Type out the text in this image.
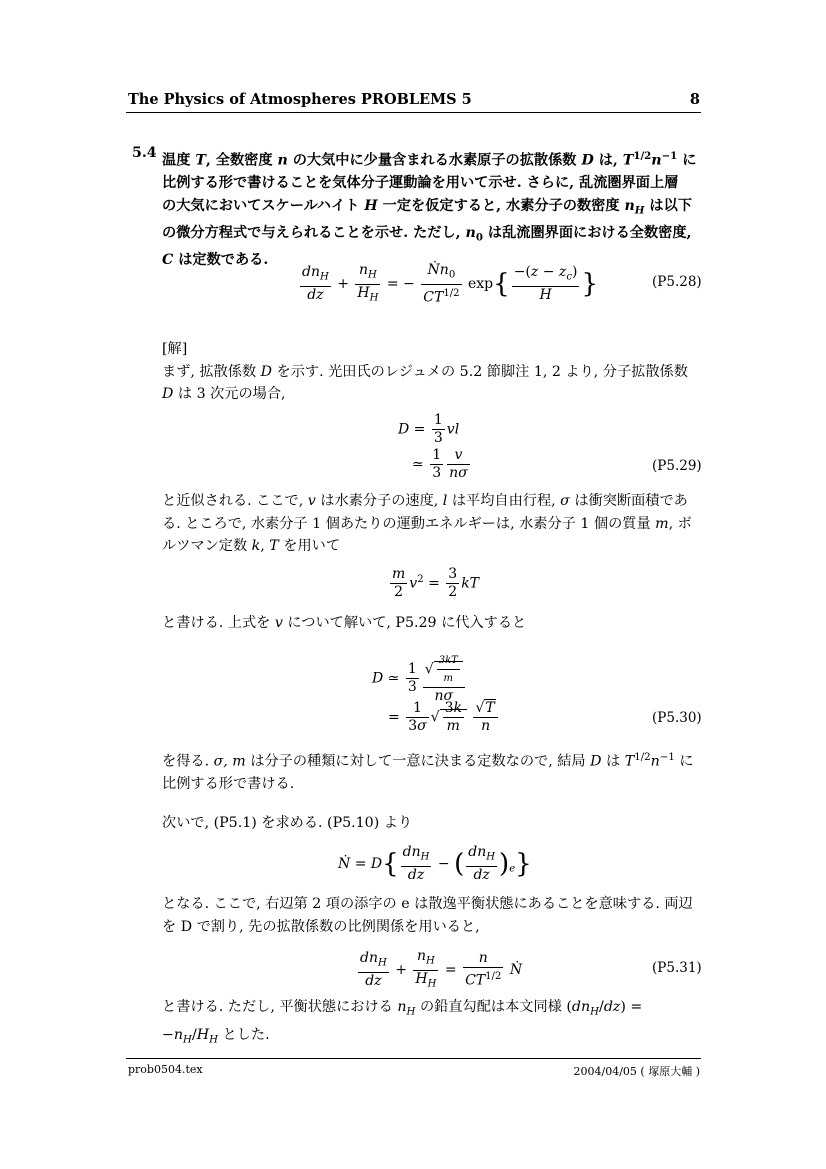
The Physics of Atmospheres PROBLEMS 5	8
5.4 温度 T, 全数密度 n の大気中に少量含まれる水素原子の拡散係数 D は, $T^{1/2}n^{-1}$ に
比例する形で書けることを気体分子運動論を用いて示せ. さらに, 乱流圏界面上層
の大気においてスケールハイト H 一定を仮定すると, 水素分子の数密度 $n_H$ は以下
の微分方程式で与えられることを示せ. ただし, $n_0$ は乱流圏界面における全数密度,
C は定数である.
$\frac{dn_H}{dz} + \frac{n_H}{H_H}$ = − $\frac{Ṅn_0}{CT^{1/2}} \exp\{ \frac{-(z - z_c)}{H}$ }	(P5.28)
[解]
まず, 拡散係数 D を示す. 光田氏のレジュメの 5.2 節脚注 1, 2 より, 分子拡散係数
D は 3 次元の場合,
$D = \frac{1}{3}$ vl
≃ $\frac{1}{3} \frac{v}{n\sigma}$	(P5.29)
と近似される. ここで, v は水素分子の速度, l は平均自由行程, σ は衝突断面積であ
る. ところで, 水素分子 1 個あたりの運動エネルギーは, 水素分子 1 個の質量 m, ボ
ルツマン定数 k, T を用いて
$\frac{m}{2} v^2 = \frac{3}{2}$ kT
と書ける. 上式を v について解いて, P5.29 に代入すると
D ≃ $\frac{1}{3} \frac{√ \frac{3kT}{m}}{n\sigma}$
= $\frac{1}{3\sigma}$ √ $\frac{3k}{m}$
$\frac{√T}{n}$	(P5.30)
を得る. σ, m は分子の種類に対して一意に決まる定数なので, 結局 D は $T^{1/2}n^{-1}$ に
比例する形で書ける.
次いで, (P5.1) を求める. (P5.10) より
Ṅ = $D\{ \frac{dn_H}{dz}$ − ( $\frac{dn_H}{dz} )_e$}
となる. ここで, 右辺第 2 項の添字の e は散逸平衡状態にあることを意味する. 両辺
を D で割り, 先の拡散係数の比例関係を用いると,
$\frac{dn_H}{dz} + \frac{n_H}{H_H} = \frac{n}{CT^{1/2}}$ Ṅ	(P5.31)
と書ける. ただし, 平衡状態における $n_H$ の鉛直勾配は本文同様 $(dn_H/dz)$ =
$-n_H/H_H$ とした.
prob0504.tex	2004/04/05 ( 塚原大輔 )
